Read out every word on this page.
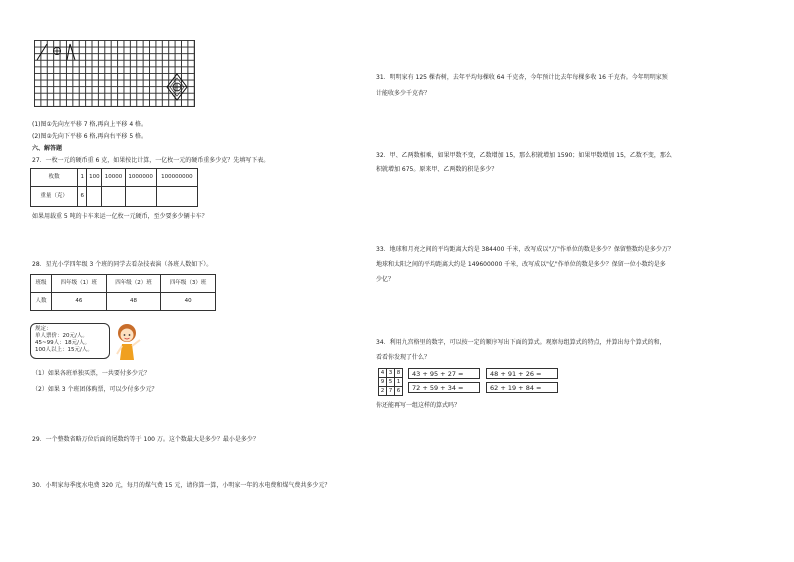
(1)图①先向左平移 7 格,再向上平移 4 格。
(2)图②先向下平移 6 格,再向右平移 5 格。
六、解答题
27．一枚一元的硬币重 6 克，如果按比计算，一亿枚一元的硬币重多少克？先填写下表。
枚数	1	100	10000	1000000	100000000
重量（克）	6				
如果用载重 5 吨的卡车来运一亿枚一元硬币，至少要多少辆卡车？
28．星光小学四年级 3 个班的同学去看杂技表演（各班人数如下）。
班级	四年级（1）班	四年级（2）班	四年级（3）班
人数	46	48	40
规定：
单人票价：20元/人。
45~99人：18元/人。
100人以上：15元/人。
（1）如果各班单独买票，一共要付多少元？
（2）如果 3 个班团体购票，可以少付多少元？
29．一个整数省略万位后面的尾数约等于 100 万。这个数最大是多少？最小是多少？
30．小明家每季度水电费 320 元，每月的煤气费 15 元，请你算一算，小明家一年的水电费和煤气费共多少元？
31．明明家有 125 棵杏树，去年平均每棵收 64 千克杏，今年预计比去年每棵多收 16 千克杏。今年明明家预
计能收多少千克杏？
32．甲、乙两数相乘，如果甲数不变，乙数增加 15，那么积就增加 1590；如果甲数增加 15，乙数不变，那么
积就增加 675。原来甲、乙两数的积是多少？
33．地球和月亮之间的平均距离大约是 384400 千米，改写成以"万"作单位的数是多少？保留整数约是多少万？
地球和太阳之间的平均距离大约是 149600000 千米，改写成以"亿"作单位的数是多少？保留一位小数约是多
少亿？
34．利用九宫格里的数字，可以按一定的顺序写出下面的算式。观察每组算式的特点，并算出每个算式的和，
看看你发现了什么？
4	3	8
9	5	1
2	7	6
43 + 95 + 27 =
72 + 59 + 34 =
48 + 91 + 26 =
62 + 19 + 84 =
你还能再写一组这样的算式吗？
